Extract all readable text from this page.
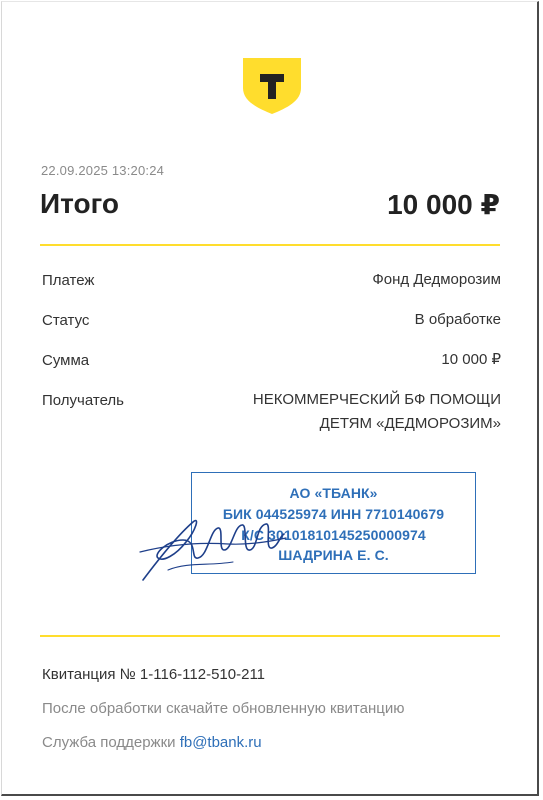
22.09.2025 13:20:24
Итого	10 000 ₽
Платеж	Фонд Дедморозим
Статус	В обработке
Сумма	10 000 ₽
Получатель	НЕКОММЕРЧЕСКИЙ БФ ПОМОЩИ
ДЕТЯМ «ДЕДМОРОЗИМ»
АО «ТБАНК»
БИК 044525974 ИНН 7710140679
К/С 30101810145250000974
ШАДРИНА Е. С.
Квитанция № 1-116-112-510-211
После обработки скачайте обновленную квитанцию
Служба поддержки fb@tbank.ru
